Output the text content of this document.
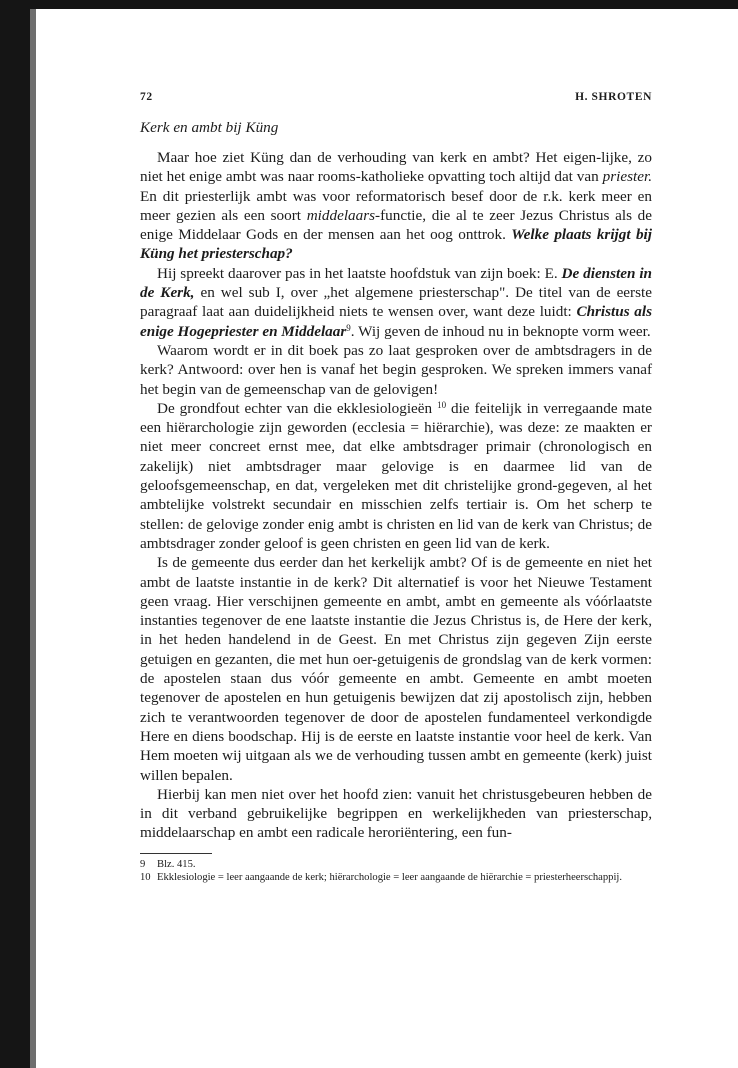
72	H. SHROTEN
Kerk en ambt bij Küng

Maar hoe ziet Küng dan de verhouding van kerk en ambt? Het eigen-lijke, zo niet het enige ambt was naar rooms-katholieke opvatting toch altijd dat van priester. En dit priesterlijk ambt was voor reformatorisch besef door de r.k. kerk meer en meer gezien als een soort middelaars-functie, die al te zeer Jezus Christus als de enige Middelaar Gods en der mensen aan het oog onttrok. Welke plaats krijgt bij Küng het priesterschap?

Hij spreekt daarover pas in het laatste hoofdstuk van zijn boek: E. De diensten in de Kerk, en wel sub I, over „het algemene priesterschap". De titel van de eerste paragraaf laat aan duidelijkheid niets te wensen over, want deze luidt: Christus als enige Hogepriester en Middelaar$^9$. Wij geven de inhoud nu in beknopte vorm weer.

Waarom wordt er in dit boek pas zo laat gesproken over de ambtsdragers in de kerk? Antwoord: over hen is vanaf het begin gesproken. We spreken immers vanaf het begin van de gemeenschap van de gelovigen!

De grondfout echter van die ekklesiologieën $^{10}$ die feitelijk in verregaande mate een hiërarchologie zijn geworden (ecclesia = hiërarchie), was deze: ze maakten er niet meer concreet ernst mee, dat elke ambtsdrager primair (chronologisch en zakelijk) niet ambtsdrager maar gelovige is en daarmee lid van de geloofsgemeenschap, en dat, vergeleken met dit christelijke grond-gegeven, al het ambtelijke volstrekt secundair en misschien zelfs tertiair is. Om het scherp te stellen: de gelovige zonder enig ambt is christen en lid van de kerk van Christus; de ambtsdrager zonder geloof is geen christen en geen lid van de kerk.

Is de gemeente dus eerder dan het kerkelijk ambt? Of is de gemeente en niet het ambt de laatste instantie in de kerk? Dit alternatief is voor het Nieuwe Testament geen vraag. Hier verschijnen gemeente en ambt, ambt en gemeente als vóórlaatste instanties tegenover de ene laatste instantie die Jezus Christus is, de Here der kerk, in het heden handelend in de Geest. En met Christus zijn gegeven Zijn eerste getuigen en gezanten, die met hun oer-getuigenis de grondslag van de kerk vormen: de apostelen staan dus vóór gemeente en ambt. Gemeente en ambt moeten tegenover de apostelen en hun getuigenis bewijzen dat zij apostolisch zijn, hebben zich te verantwoorden tegenover de door de apostelen fundamenteel verkondigde Here en diens boodschap. Hij is de eerste en laatste instantie voor heel de kerk. Van Hem moeten wij uitgaan als we de verhouding tussen ambt en gemeente (kerk) juist willen bepalen.

Hierbij kan men niet over het hoofd zien: vanuit het christusgebeuren hebben de in dit verband gebruikelijke begrippen en werkelijkheden van priesterschap, middelaarschap en ambt een radicale heroriëntering, een fun-

9	Blz. 415.
10 Ekklesiologie = leer aangaande de kerk; hiërarchologie = leer aangaande de hiërarchie = priesterheerschappij.
